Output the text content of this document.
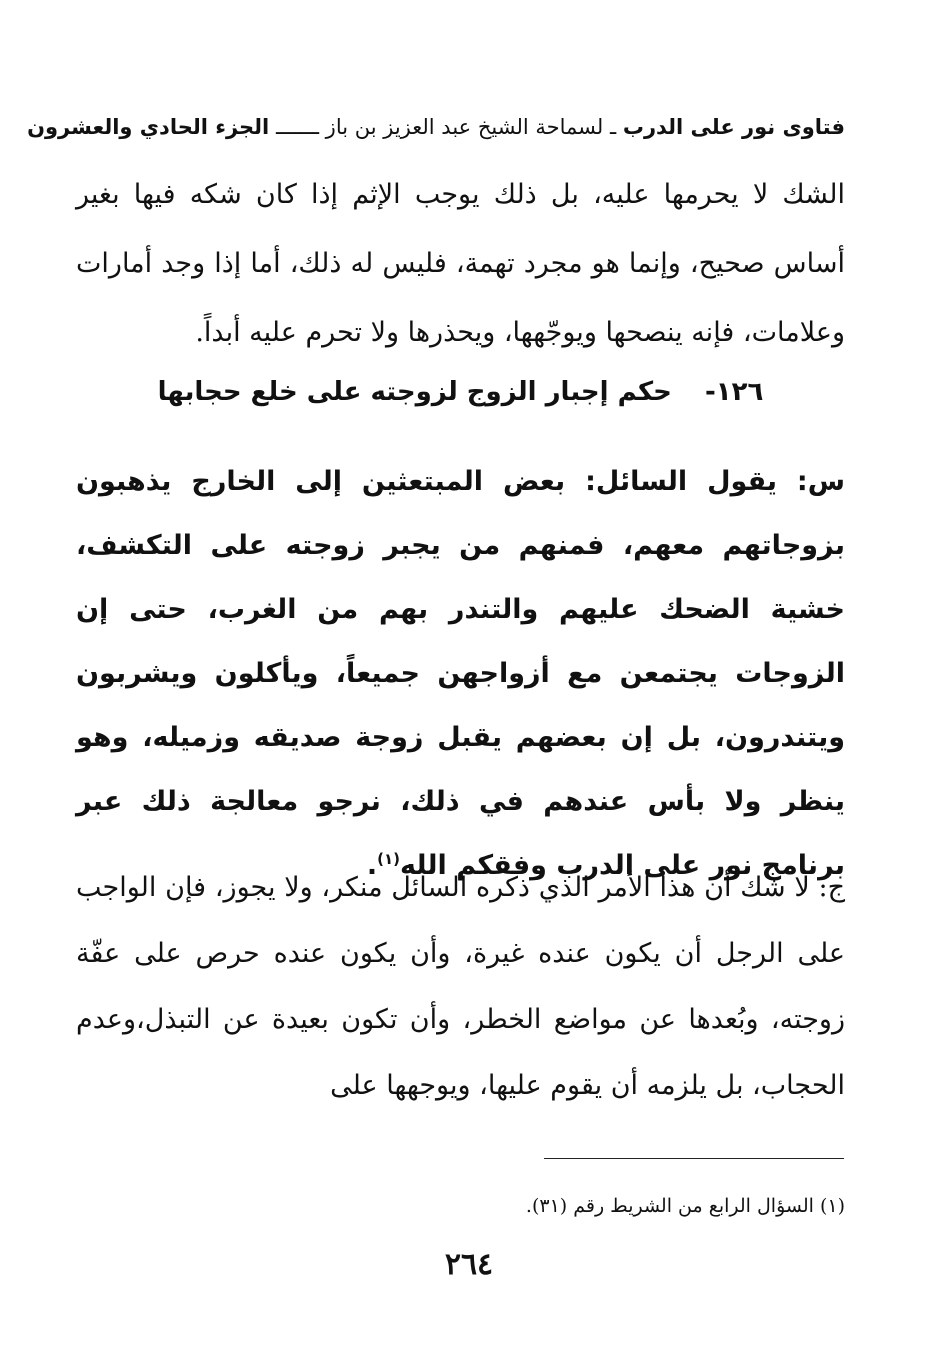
فتاوى نور على الدرب ـ لسماحة الشيخ عبد العزيز بن باز ـــــــ الجزء الحادي والعشرون
الشك لا يحرمها عليه، بل ذلك يوجب الإثم إذا كان شكه فيها بغير أساس صحيح، وإنما هو مجرد تهمة، فليس له ذلك، أما إذا وجد أمارات وعلامات، فإنه ينصحها ويوجّهها، ويحذرها ولا تحرم عليه أبداً.
١٢٦- حكم إجبار الزوج لزوجته على خلع حجابها
س: يقول السائل: بعض المبتعثين إلى الخارج يذهبون بزوجاتهم معهم، فمنهم من يجبر زوجته على التكشف، خشية الضحك عليهم والتندر بهم من الغرب، حتى إن الزوجات يجتمعن مع أزواجهن جميعاً، ويأكلون ويشربون ويتندرون، بل إن بعضهم يقبل زوجة صديقه وزميله، وهو ينظر ولا بأس عندهم في ذلك، نرجو معالجة ذلك عبر برنامج نور على الدرب وفقكم الله$^{(١)}$.
ج: لا شك أن هذا الأمر الذي ذكره السائل منكر، ولا يجوز، فإن الواجب على الرجل أن يكون عنده غيرة، وأن يكون عنده حرص على عفّة زوجته، وبُعدها عن مواضع الخطر، وأن تكون بعيدة عن التبذل،وعدم الحجاب، بل يلزمه أن يقوم عليها، ويوجهها على
(١) السؤال الرابع من الشريط رقم (٣١).
٢٦٤
